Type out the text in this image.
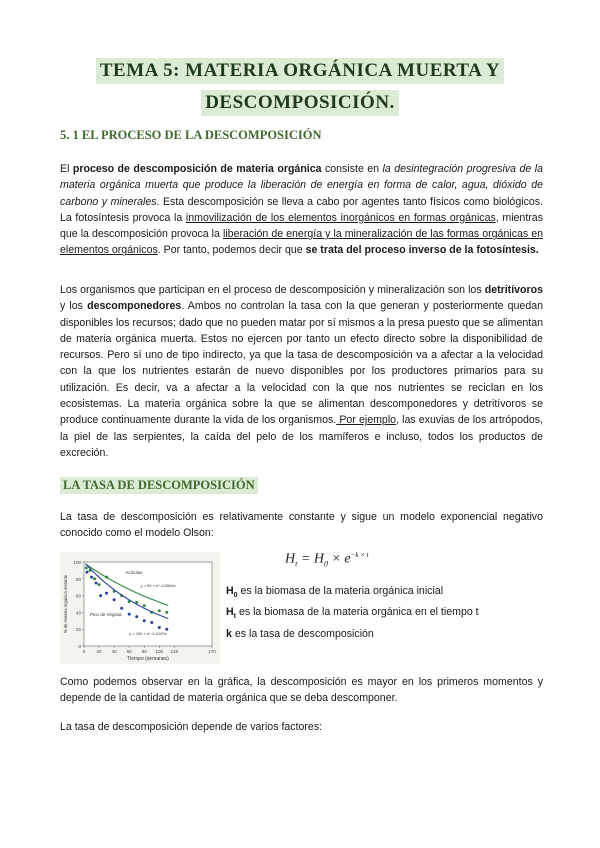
TEMA 5: MATERIA ORGÁNICA MUERTA Y
DESCOMPOSICIÓN.
5. 1 EL PROCESO DE LA DESCOMPOSICIÓN
El proceso de descomposición de materia orgánica consiste en la desintegración progresiva de la materia orgánica muerta que produce la liberación de energía en forma de calor, agua, dióxido de carbono y minerales. Esta descomposición se lleva a cabo por agentes tanto físicos como biológicos. La fotosíntesis provoca la inmovilización de los elementos inorgánicos en formas orgánicas, mientras que la descomposición provoca la liberación de energía y la mineralización de las formas orgánicas en elementos orgánicos. Por tanto, podemos decir que se trata del proceso inverso de la fotosíntesis.
Los organismos que participan en el proceso de descomposición y mineralización son los detritívoros y los descomponedores. Ambos no controlan la tasa con la que generan y posteriormente quedan disponibles los recursos; dado que no pueden matar por sí mismos a la presa puesto que se alimentan de materia orgánica muerta. Estos no ejercen por tanto un efecto directo sobre la disponibilidad de recursos. Pero sí uno de tipo indirecto, ya que la tasa de descomposición va a afectar a la velocidad con la que los nutrientes estarán de nuevo disponibles por los productores primarios para su utilización. Es decir, va a afectar a la velocidad con la que nos nutrientes se reciclan en los ecosistemas. La materia orgánica sobre la que se alimentan descomponedores y detritívoros se produce continuamente durante la vida de los organismos. Por ejemplo, las exuvias de los artrópodos, la piel de las serpientes, la caída del pelo de los mamíferos e incluso, todos los productos de excreción.
LA TASA DE DESCOMPOSICIÓN
La tasa de descomposición es relativamente constante y sigue un modelo exponencial negativo conocido como el modelo Olson:
0
20
40
60
80
100
0	20 40 60 80 100 120	170
Tiempo (semanas)
% de materia orgánica restante
Acículas
y = 99 × e^-0.0064x
Pino de Virginia
y = 100 × e^-0.0100x
$H_t = H_0 \times e^{-k \times t}$
$H_0$ es la biomasa de la materia orgánica inicial
$H_t$ es la biomasa de la materia orgánica en el tiempo t
k es la tasa de descomposición
Como podemos observar en la gráfica, la descomposición es mayor en los primeros momentos y depende de la cantidad de materia orgánica que se deba descomponer.
La tasa de descomposición depende de varios factores:
